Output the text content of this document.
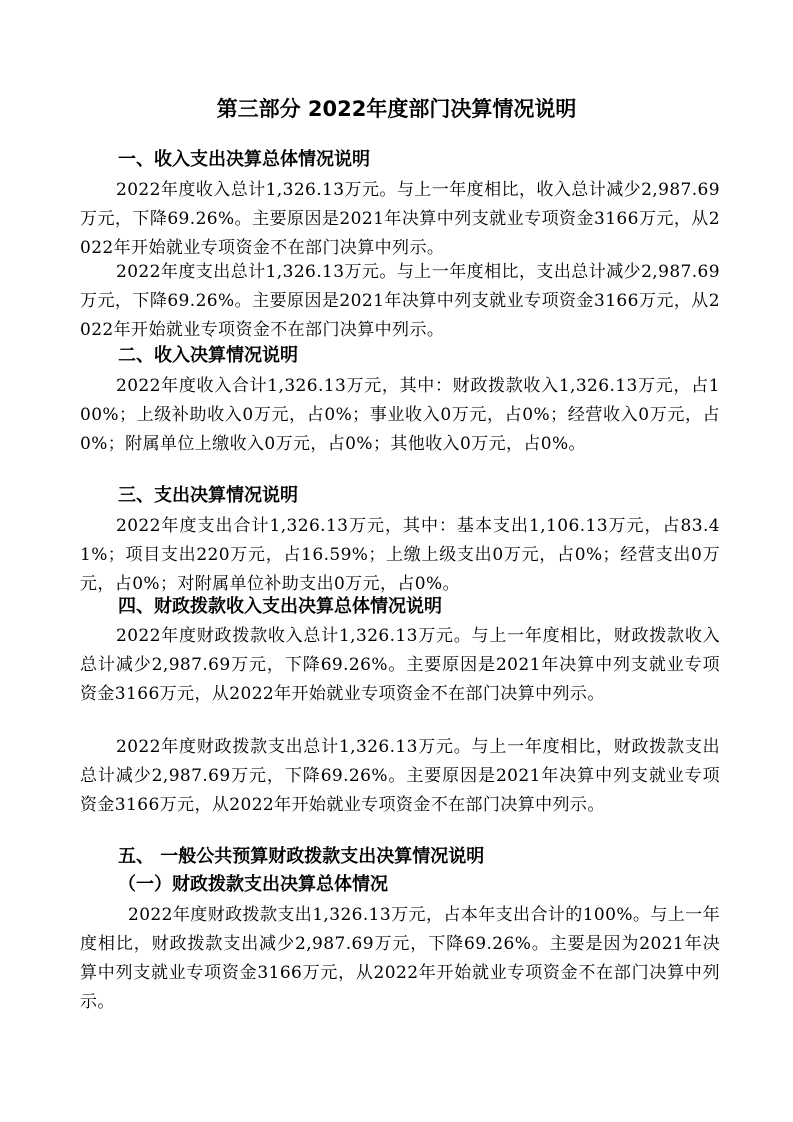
第三部分 2022年度部门决算情况说明
一、收入支出决算总体情况说明

2022年度收入总计1,326.13万元。与上一年度相比，收入总计减少2,987.69万元，下降69.26%。主要原因是2021年决算中列支就业专项资金3166万元，从2022年开始就业专项资金不在部门决算中列示。

2022年度支出总计1,326.13万元。与上一年度相比，支出总计减少2,987.69万元，下降69.26%。主要原因是2021年决算中列支就业专项资金3166万元，从2022年开始就业专项资金不在部门决算中列示。

二、收入决算情况说明

2022年度收入合计1,326.13万元，其中：财政拨款收入1,326.13万元，占100%；上级补助收入0万元，占0%；事业收入0万元，占0%；经营收入0万元，占0%；附属单位上缴收入0万元，占0%；其他收入0万元，占0%。

三、支出决算情况说明

2022年度支出合计1,326.13万元，其中：基本支出1,106.13万元，占83.41%；项目支出220万元，占16.59%；上缴上级支出0万元，占0%；经营支出0万元，占0%；对附属单位补助支出0万元，占0%。

四、财政拨款收入支出决算总体情况说明

2022年度财政拨款收入总计1,326.13万元。与上一年度相比，财政拨款收入总计减少2,987.69万元，下降69.26%。主要原因是2021年决算中列支就业专项资金3166万元，从2022年开始就业专项资金不在部门决算中列示。

2022年度财政拨款支出总计1,326.13万元。与上一年度相比，财政拨款支出总计减少2,987.69万元，下降69.26%。主要原因是2021年决算中列支就业专项资金3166万元，从2022年开始就业专项资金不在部门决算中列示。

五、 一般公共预算财政拨款支出决算情况说明
（一）财政拨款支出决算总体情况

2022年度财政拨款支出1,326.13万元，占本年支出合计的100%。与上一年度相比，财政拨款支出减少2,987.69万元，下降69.26%。主要是因为2021年决算中列支就业专项资金3166万元，从2022年开始就业专项资金不在部门决算中列示。
